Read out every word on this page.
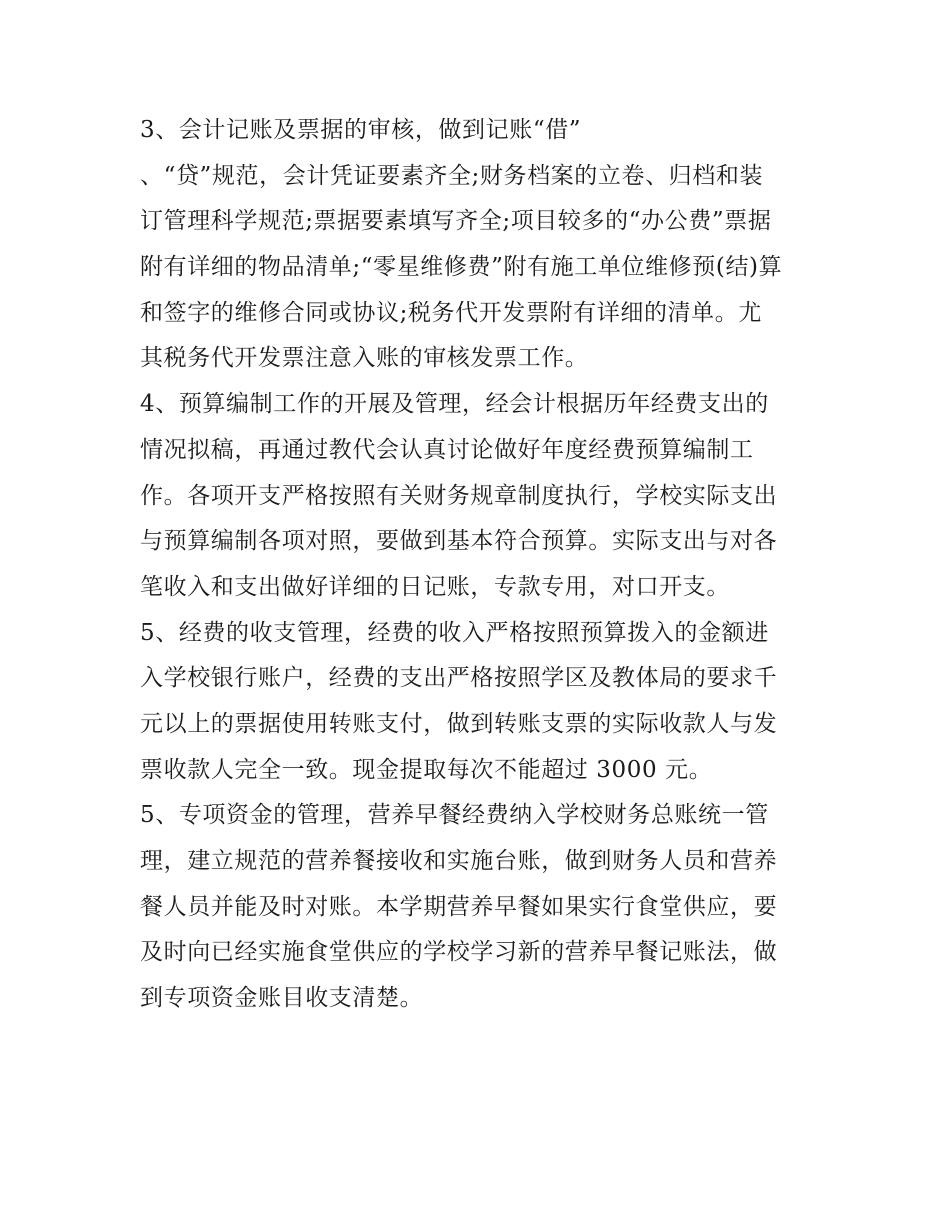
3、会计记账及票据的审核，做到记账“借”
、“贷”规范，会计凭证要素齐全;财务档案的立卷、归档和装
订管理科学规范;票据要素填写齐全;项目较多的“办公费”票据
附有详细的物品清单;“零星维修费”附有施工单位维修预(结)算
和签字的维修合同或协议;税务代开发票附有详细的清单。尤
其税务代开发票注意入账的审核发票工作。
4、预算编制工作的开展及管理，经会计根据历年经费支出的
情况拟稿，再通过教代会认真讨论做好年度经费预算编制工
作。各项开支严格按照有关财务规章制度执行，学校实际支出
与预算编制各项对照，要做到基本符合预算。实际支出与对各
笔收入和支出做好详细的日记账，专款专用，对口开支。
5、经费的收支管理，经费的收入严格按照预算拨入的金额进
入学校银行账户，经费的支出严格按照学区及教体局的要求千
元以上的票据使用转账支付，做到转账支票的实际收款人与发
票收款人完全一致。现金提取每次不能超过 3000 元。
5、专项资金的管理，营养早餐经费纳入学校财务总账统一管
理，建立规范的营养餐接收和实施台账，做到财务人员和营养
餐人员并能及时对账。本学期营养早餐如果实行食堂供应，要
及时向已经实施食堂供应的学校学习新的营养早餐记账法，做
到专项资金账目收支清楚。
